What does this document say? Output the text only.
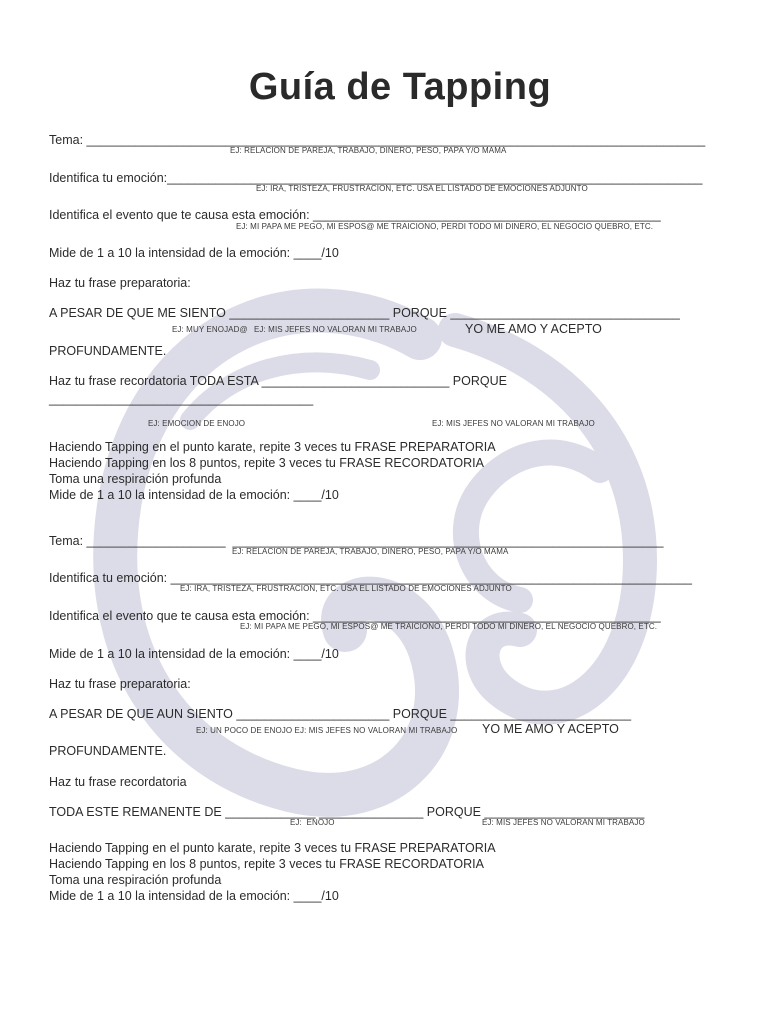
Guía de Tapping
Tema: _________________________________________________________________________________________
EJ: RELACION DE PAREJA, TRABAJO, DINERO, PESO, PAPA Y/O MAMA
Identifica tu emoción:_____________________________________________________________________________
EJ: IRA, TRISTEZA, FRUSTRACION, ETC. USA EL LISTADO DE EMOCIONES ADJUNTO
Identifica el evento que te causa esta emoción: __________________________________________________
EJ: MI PAPA ME PEGO, MI ESPOS@ ME TRAICIONO, PERDI TODO MI DINERO, EL NEGOCIO QUEBRO, ETC.
Mide de 1 a 10 la intensidad de la emoción: ____/10
Haz tu frase preparatoria:
A PESAR DE QUE ME SIENTO _______________________ PORQUE _________________________________
EJ: MUY ENOJAD@ EJ: MIS JEFES NO VALORAN MI TRABAJO	YO ME AMO Y ACEPTO
PROFUNDAMENTE.
Haz tu frase recordatoria TODA ESTA ___________________________ PORQUE
______________________________________
EJ: EMOCION DE ENOJO	EJ: MIS JEFES NO VALORAN MI TRABAJO
Haciendo Tapping en el punto karate, repite 3 veces tu FRASE PREPARATORIA
Haciendo Tapping en los 8 puntos, repite 3 veces tu FRASE RECORDATORIA
Toma una respiración profunda
Mide de 1 a 10 la intensidad de la emoción: ____/10
Tema: ____________________  ______________________________________________________________
EJ: RELACION DE PAREJA, TRABAJO, DINERO, PESO, PAPA Y/O MAMA
Identifica tu emoción: ___________________________________________________________________________
EJ: IRA, TRISTEZA, FRUSTRACION, ETC. USA EL LISTADO DE EMOCIONES ADJUNTO
Identifica el evento que te causa esta emoción: __________________________________________________
EJ: MI PAPA ME PEGO, MI ESPOS@ ME TRAICIONO, PERDI TODO MI DINERO, EL NEGOCIO QUEBRO, ETC.
Mide de 1 a 10 la intensidad de la emoción: ____/10
Haz tu frase preparatoria:
A PESAR DE QUE AUN SIENTO ______________________ PORQUE __________________________
EJ: UN POCO DE ENOJO EJ: MIS JEFES NO VALORAN MI TRABAJO YO ME AMO Y ACEPTO
PROFUNDAMENTE.
Haz tu frase recordatoria
TODA ESTE REMANENTE DE _____________ _______________ PORQUE _______________________
EJ:  ENOJO	EJ: MIS JEFES NO VALORAN MI TRABAJO
Haciendo Tapping en el punto karate, repite 3 veces tu FRASE PREPARATORIA
Haciendo Tapping en los 8 puntos, repite 3 veces tu FRASE RECORDATORIA
Toma una respiración profunda
Mide de 1 a 10 la intensidad de la emoción: ____/10
